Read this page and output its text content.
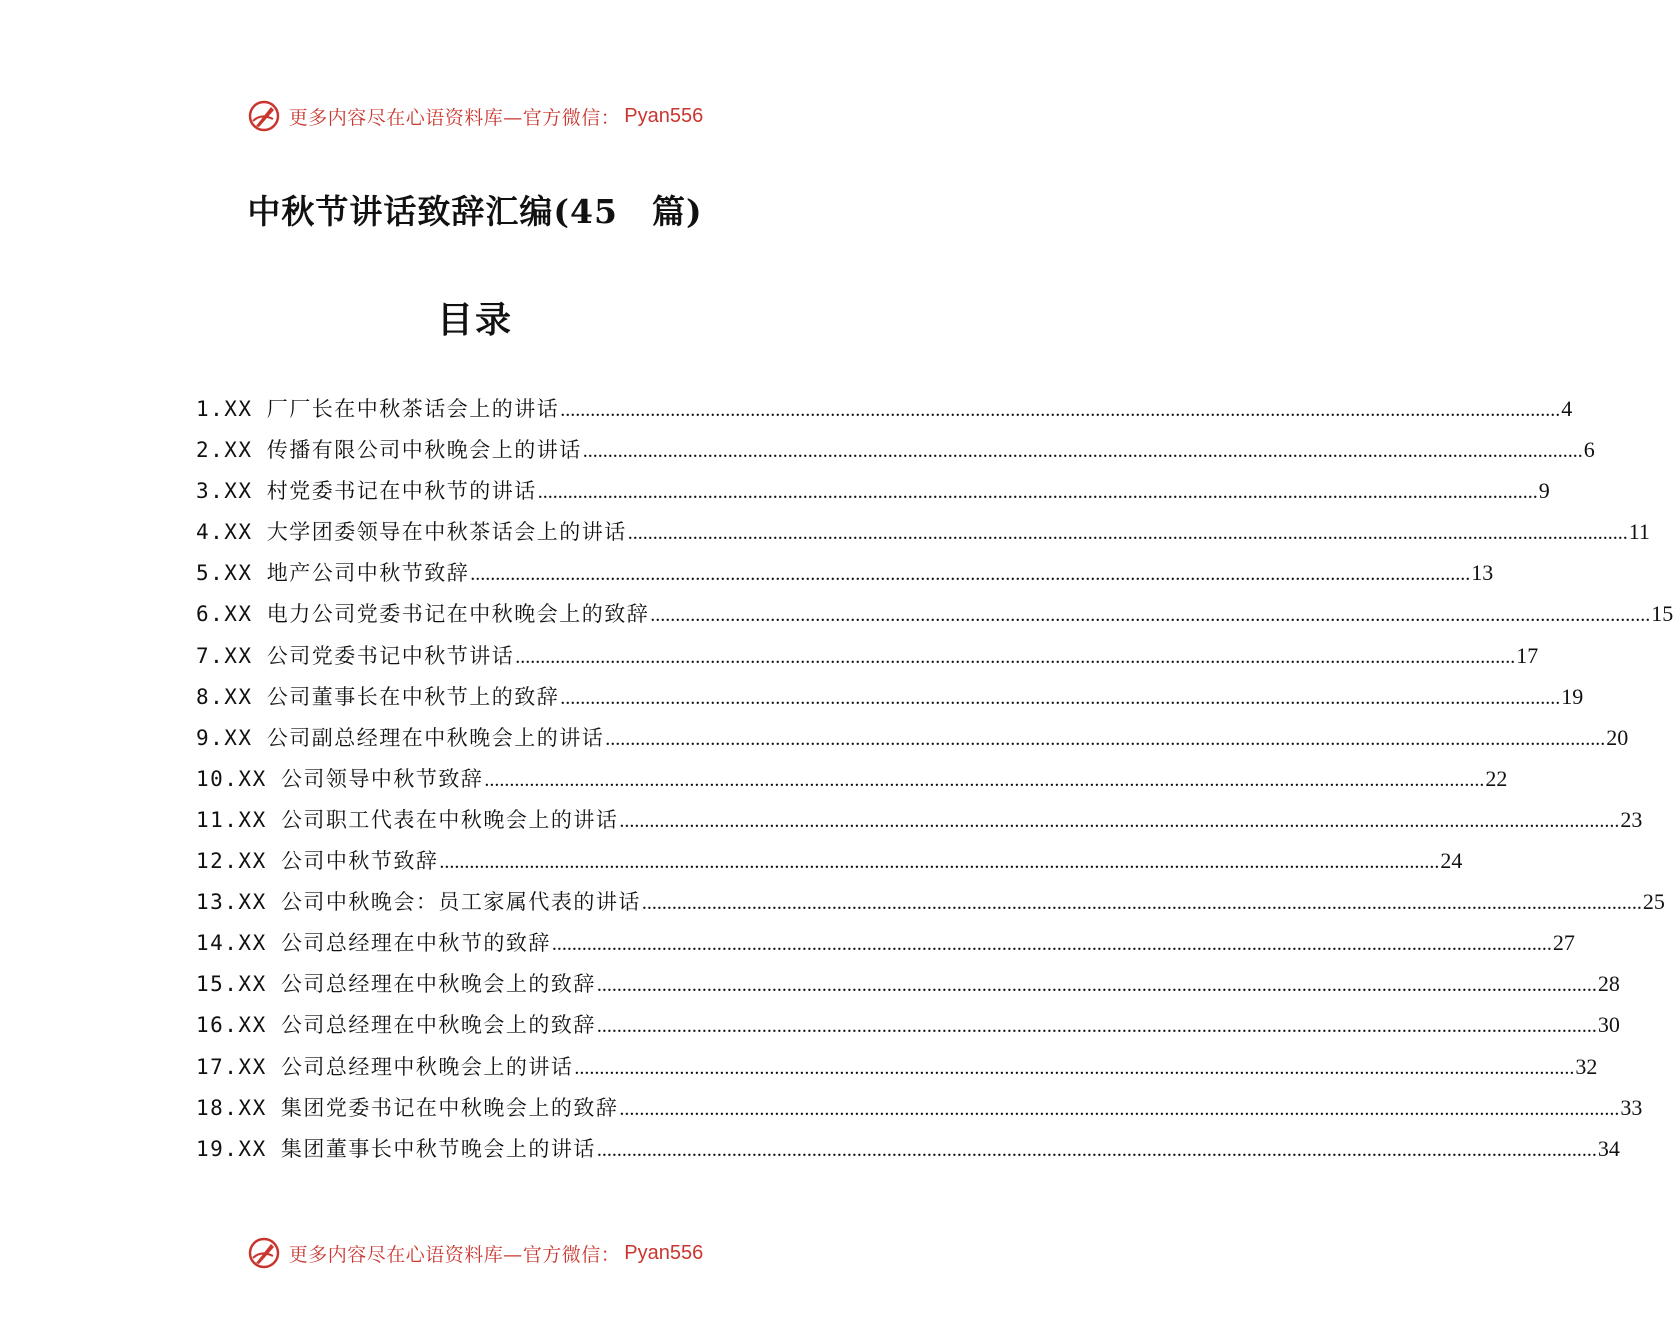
更多内容尽在心语资料库—官方微信： Pyan556
中秋节讲话致辞汇编(45　篇)
目录
1.XX 厂厂长在中秋茶话会上的讲话 ........................................................................................................................................................................................................ 4
2.XX 传播有限公司中秋晚会上的讲话 ........................................................................................................................................................................................................ 6
3.XX 村党委书记在中秋节的讲话 ........................................................................................................................................................................................................ 9
4.XX 大学团委领导在中秋茶话会上的讲话 ........................................................................................................................................................................................................ 11
5.XX 地产公司中秋节致辞 ........................................................................................................................................................................................................ 13
6.XX 电力公司党委书记在中秋晚会上的致辞 ........................................................................................................................................................................................................ 15
7.XX 公司党委书记中秋节讲话 ........................................................................................................................................................................................................ 17
8.XX 公司董事长在中秋节上的致辞 ........................................................................................................................................................................................................ 19
9.XX 公司副总经理在中秋晚会上的讲话 ........................................................................................................................................................................................................ 20
10.XX 公司领导中秋节致辞 ........................................................................................................................................................................................................ 22
11.XX 公司职工代表在中秋晚会上的讲话 ........................................................................................................................................................................................................ 23
12.XX 公司中秋节致辞 ........................................................................................................................................................................................................ 24
13.XX 公司中秋晚会：员工家属代表的讲话 ........................................................................................................................................................................................................ 25
14.XX 公司总经理在中秋节的致辞 ........................................................................................................................................................................................................ 27
15.XX 公司总经理在中秋晚会上的致辞 ........................................................................................................................................................................................................ 28
16.XX 公司总经理在中秋晚会上的致辞 ........................................................................................................................................................................................................ 30
17.XX 公司总经理中秋晚会上的讲话 ........................................................................................................................................................................................................ 32
18.XX 集团党委书记在中秋晚会上的致辞 ........................................................................................................................................................................................................ 33
19.XX 集团董事长中秋节晚会上的讲话 ........................................................................................................................................................................................................ 34
更多内容尽在心语资料库—官方微信： Pyan556
